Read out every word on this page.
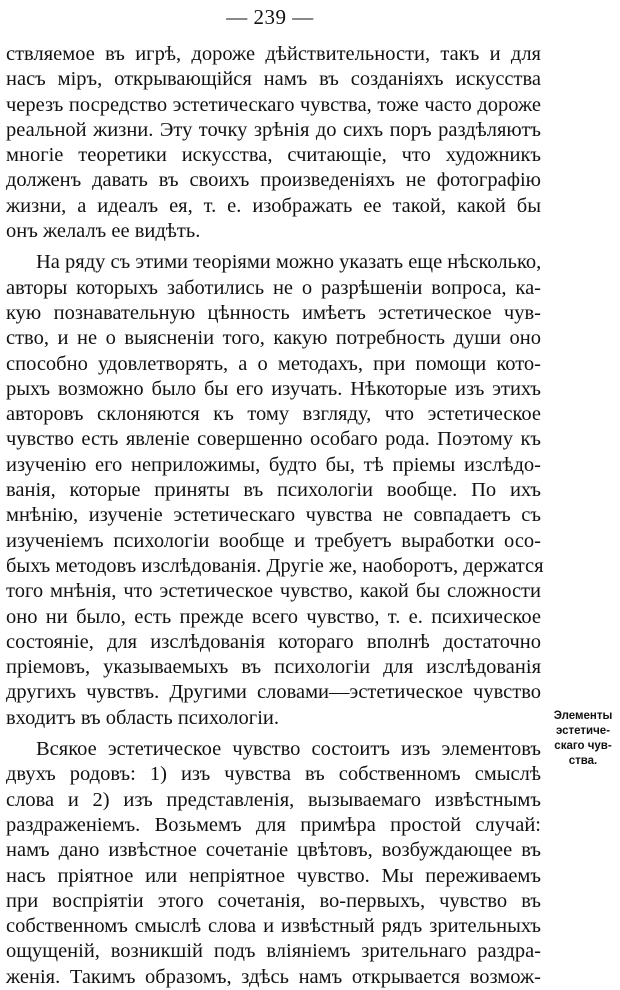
— 239 —
ствляемое въ игрѣ, дороже дѣйствительности, такъ и для
насъ міръ, открывающійся намъ въ созданіяхъ искусства
черезъ посредство эстетическаго чувства, тоже часто дороже
реальной жизни. Эту точку зрѣнія до сихъ поръ раздѣляютъ
многіе теоретики искусства, считающіе, что художникъ
долженъ давать въ своихъ произведеніяхъ не фотографію
жизни, а идеалъ ея, т. е. изображать ее такой, какой бы
онъ желалъ ее видѣть.
На ряду съ этими теоріями можно указать еще нѣсколько,
авторы которыхъ заботились не о разрѣшеніи вопроса, ка-
кую познавательную цѣнность имѣетъ эстетическое чув-
ство, и не о выясненіи того, какую потребность души оно
способно удовлетворять, а о методахъ, при помощи кото-
рыхъ возможно было бы его изучать. Нѣкоторые изъ этихъ
авторовъ склоняются къ тому взгляду, что эстетическое
чувство есть явленіе совершенно особаго рода. Поэтому къ
изученію его неприложимы, будто бы, тѣ пріемы изслѣдо-
ванія, которые приняты въ психологіи вообще. По ихъ
мнѣнію, изученіе эстетическаго чувства не совпадаетъ съ
изученіемъ психологіи вообще и требуетъ выработки осо-
быхъ методовъ изслѣдованія. Другіе же, наоборотъ, держатся
того мнѣнія, что эстетическое чувство, какой бы сложности
оно ни было, есть прежде всего чувство, т. е. психическое
состояніе, для изслѣдованія котораго вполнѣ достаточно
пріемовъ, указываемыхъ въ психологіи для изслѣдованія
другихъ чувствъ. Другими словами—эстетическое чувство
входитъ въ область психологіи.
Всякое эстетическое чувство состоитъ изъ элементовъ
двухъ родовъ: 1) изъ чувства въ собственномъ смыслѣ
слова и 2) изъ представленія, вызываемаго извѣстнымъ
раздраженіемъ. Возьмемъ для примѣра простой случай:
намъ дано извѣстное сочетаніе цвѣтовъ, возбуждающее въ
насъ пріятное или непріятное чувство. Мы переживаемъ
при воспріятіи этого сочетанія, во-первыхъ, чувство въ
собственномъ смыслѣ слова и извѣстный рядъ зрительныхъ
ощущеній, возникшій подъ вліяніемъ зрительнаго раздра-
женія. Такимъ образомъ, здѣсь намъ открывается возмож-
Элементы
эстетиче-
скаго чув-
ства.
